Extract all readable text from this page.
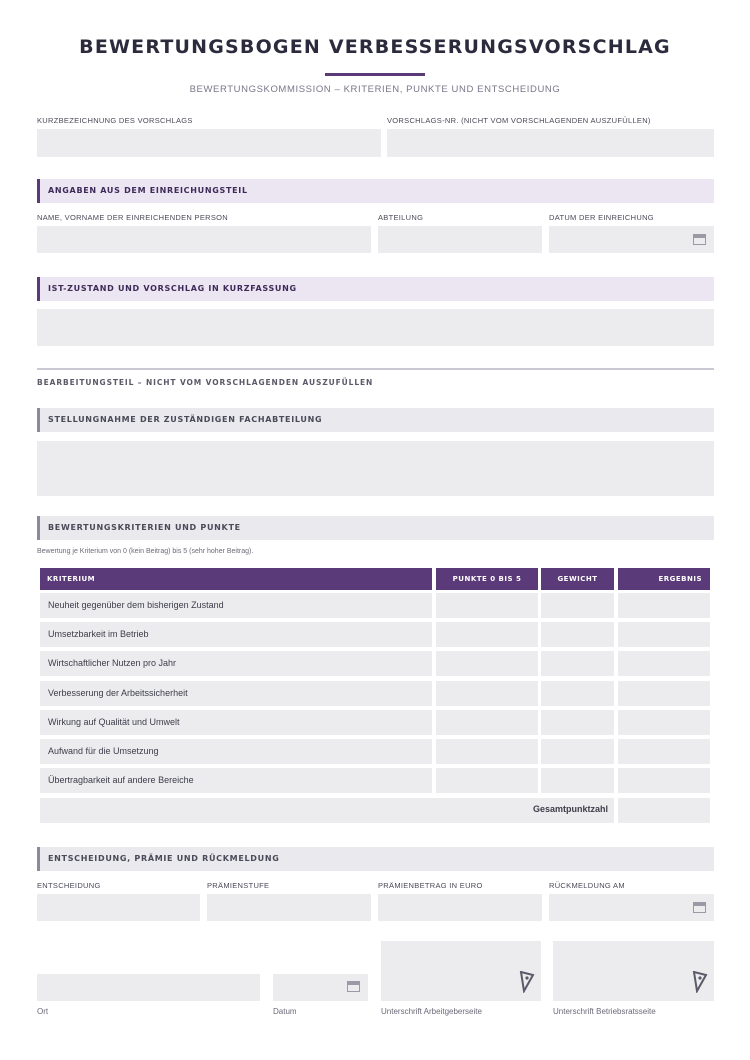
BEWERTUNGSBOGEN VERBESSERUNGSVORSCHLAG
BEWERTUNGSKOMMISSION – KRITERIEN, PUNKTE UND ENTSCHEIDUNG
KURZBEZEICHNUNG DES VORSCHLAGS	VORSCHLAGS-NR. (NICHT VOM VORSCHLAGENDEN AUSZUFÜLLEN)
ANGABEN AUS DEM EINREICHUNGSTEIL
NAME, VORNAME DER EINREICHENDEN PERSON	ABTEILUNG	DATUM DER EINREICHUNG
IST-ZUSTAND UND VORSCHLAG IN KURZFASSUNG
BEARBEITUNGSTEIL – NICHT VOM VORSCHLAGENDEN AUSZUFÜLLEN
STELLUNGNAHME DER ZUSTÄNDIGEN FACHABTEILUNG
BEWERTUNGSKRITERIEN UND PUNKTE
Bewertung je Kriterium von 0 (kein Beitrag) bis 5 (sehr hoher Beitrag).
KRITERIUM	PUNKTE 0 BIS 5	GEWICHT	ERGEBNIS
Neuheit gegenüber dem bisherigen Zustand
Umsetzbarkeit im Betrieb
Wirtschaftlicher Nutzen pro Jahr
Verbesserung der Arbeitssicherheit
Wirkung auf Qualität und Umwelt
Aufwand für die Umsetzung
Übertragbarkeit auf andere Bereiche
Gesamtpunktzahl
ENTSCHEIDUNG, PRÄMIE UND RÜCKMELDUNG
ENTSCHEIDUNG	PRÄMIENSTUFE	PRÄMIENBETRAG IN EURO	RÜCKMELDUNG AM
Ort	Datum	Unterschrift Arbeitgeberseite	Unterschrift Betriebsratsseite
